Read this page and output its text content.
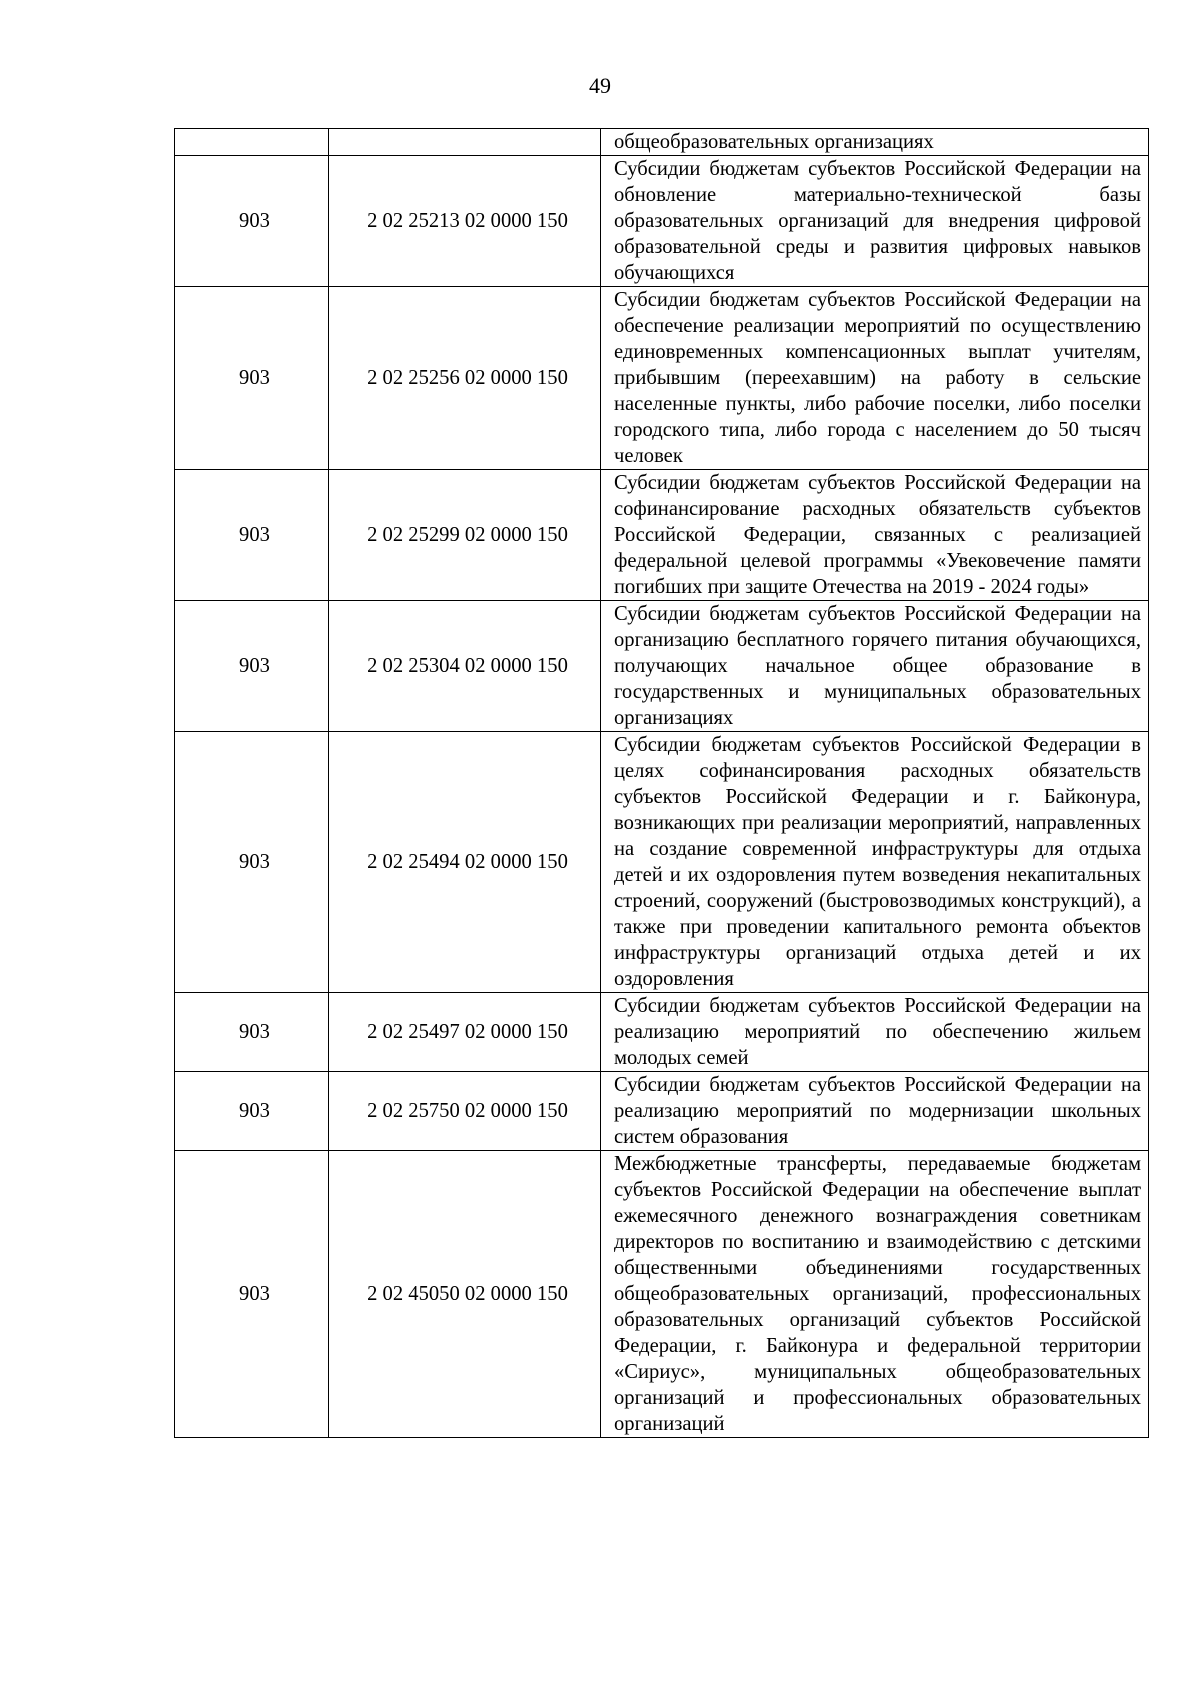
49
		общеобразовательных организациях
903	2 02 25213 02 0000 150	Субсидии бюджетам субъектов Российской Федерации на обновление материально-технической базы образовательных организаций для внедрения цифровой образовательной среды и развития цифровых навыков обучающихся
903	2 02 25256 02 0000 150	Субсидии бюджетам субъектов Российской Федерации на обеспечение реализации мероприятий по осуществлению единовременных компенсационных выплат учителям, прибывшим (переехавшим) на работу в сельские населенные пункты, либо рабочие поселки, либо поселки городского типа, либо города с населением до 50 тысяч человек
903	2 02 25299 02 0000 150	Субсидии бюджетам субъектов Российской Федерации на софинансирование расходных обязательств субъектов Российской Федерации, связанных с реализацией федеральной целевой программы «Увековечение памяти погибших при защите Отечества на 2019 - 2024 годы»
903	2 02 25304 02 0000 150	Субсидии бюджетам субъектов Российской Федерации на организацию бесплатного горячего питания обучающихся, получающих начальное общее образование в государственных и муниципальных образовательных организациях
903	2 02 25494 02 0000 150	Субсидии бюджетам субъектов Российской Федерации в целях софинансирования расходных обязательств субъектов Российской Федерации и г. Байконура, возникающих при реализации мероприятий, направленных на создание современной инфраструктуры для отдыха детей и их оздоровления путем возведения некапитальных строений, сооружений (быстровозводимых конструкций), а также при проведении капитального ремонта объектов инфраструктуры организаций отдыха детей и их оздоровления
903	2 02 25497 02 0000 150	Субсидии бюджетам субъектов Российской Федерации на реализацию мероприятий по обеспечению жильем молодых семей
903	2 02 25750 02 0000 150	Субсидии бюджетам субъектов Российской Федерации на реализацию мероприятий по модернизации школьных систем образования
903	2 02 45050 02 0000 150	Межбюджетные трансферты, передаваемые бюджетам субъектов Российской Федерации на обеспечение выплат ежемесячного денежного вознаграждения советникам директоров по воспитанию и взаимодействию с детскими общественными объединениями государственных общеобразовательных организаций, профессиональных образовательных организаций субъектов Российской Федерации, г. Байконура и федеральной территории «Сириус», муниципальных общеобразовательных организаций и профессиональных образовательных организаций
